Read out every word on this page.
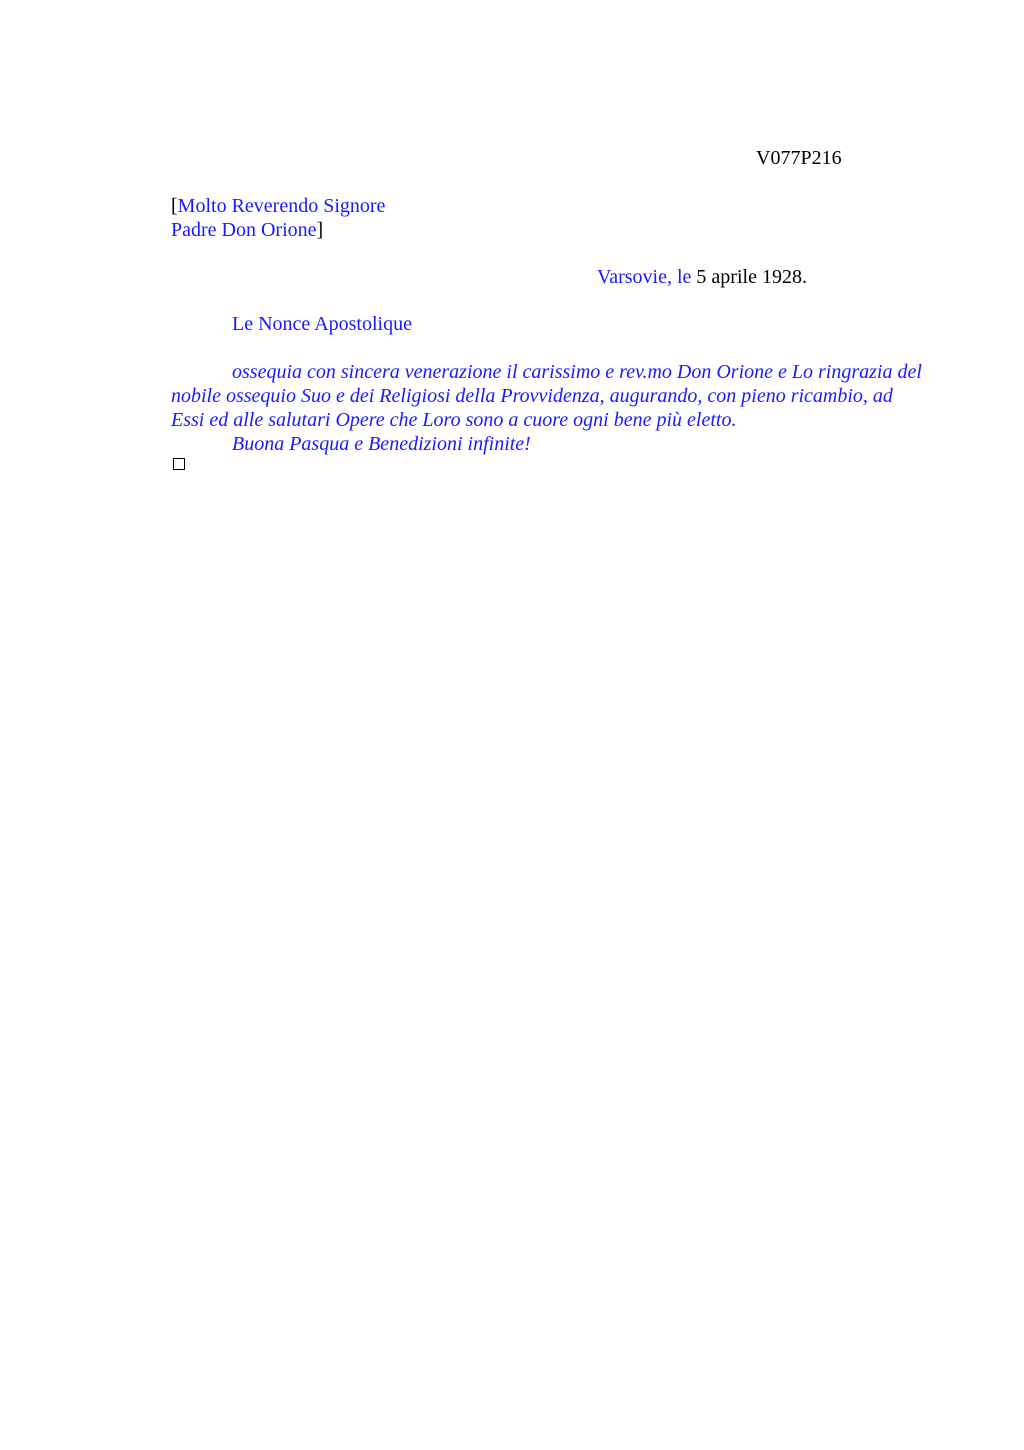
V077P216
[Molto Reverendo Signore
Padre Don Orione]
Varsovie, le 5 aprile 1928.
Le Nonce Apostolique

ossequia con sincera venerazione il carissimo e rev.mo Don Orione e Lo ringrazia del nobile ossequio Suo e dei Religiosi della Provvidenza, augurando, con pieno ricambio, ad Essi ed alle salutari Opere che Loro sono a cuore ogni bene più eletto.

Buona Pasqua e Benedizioni infinite!
